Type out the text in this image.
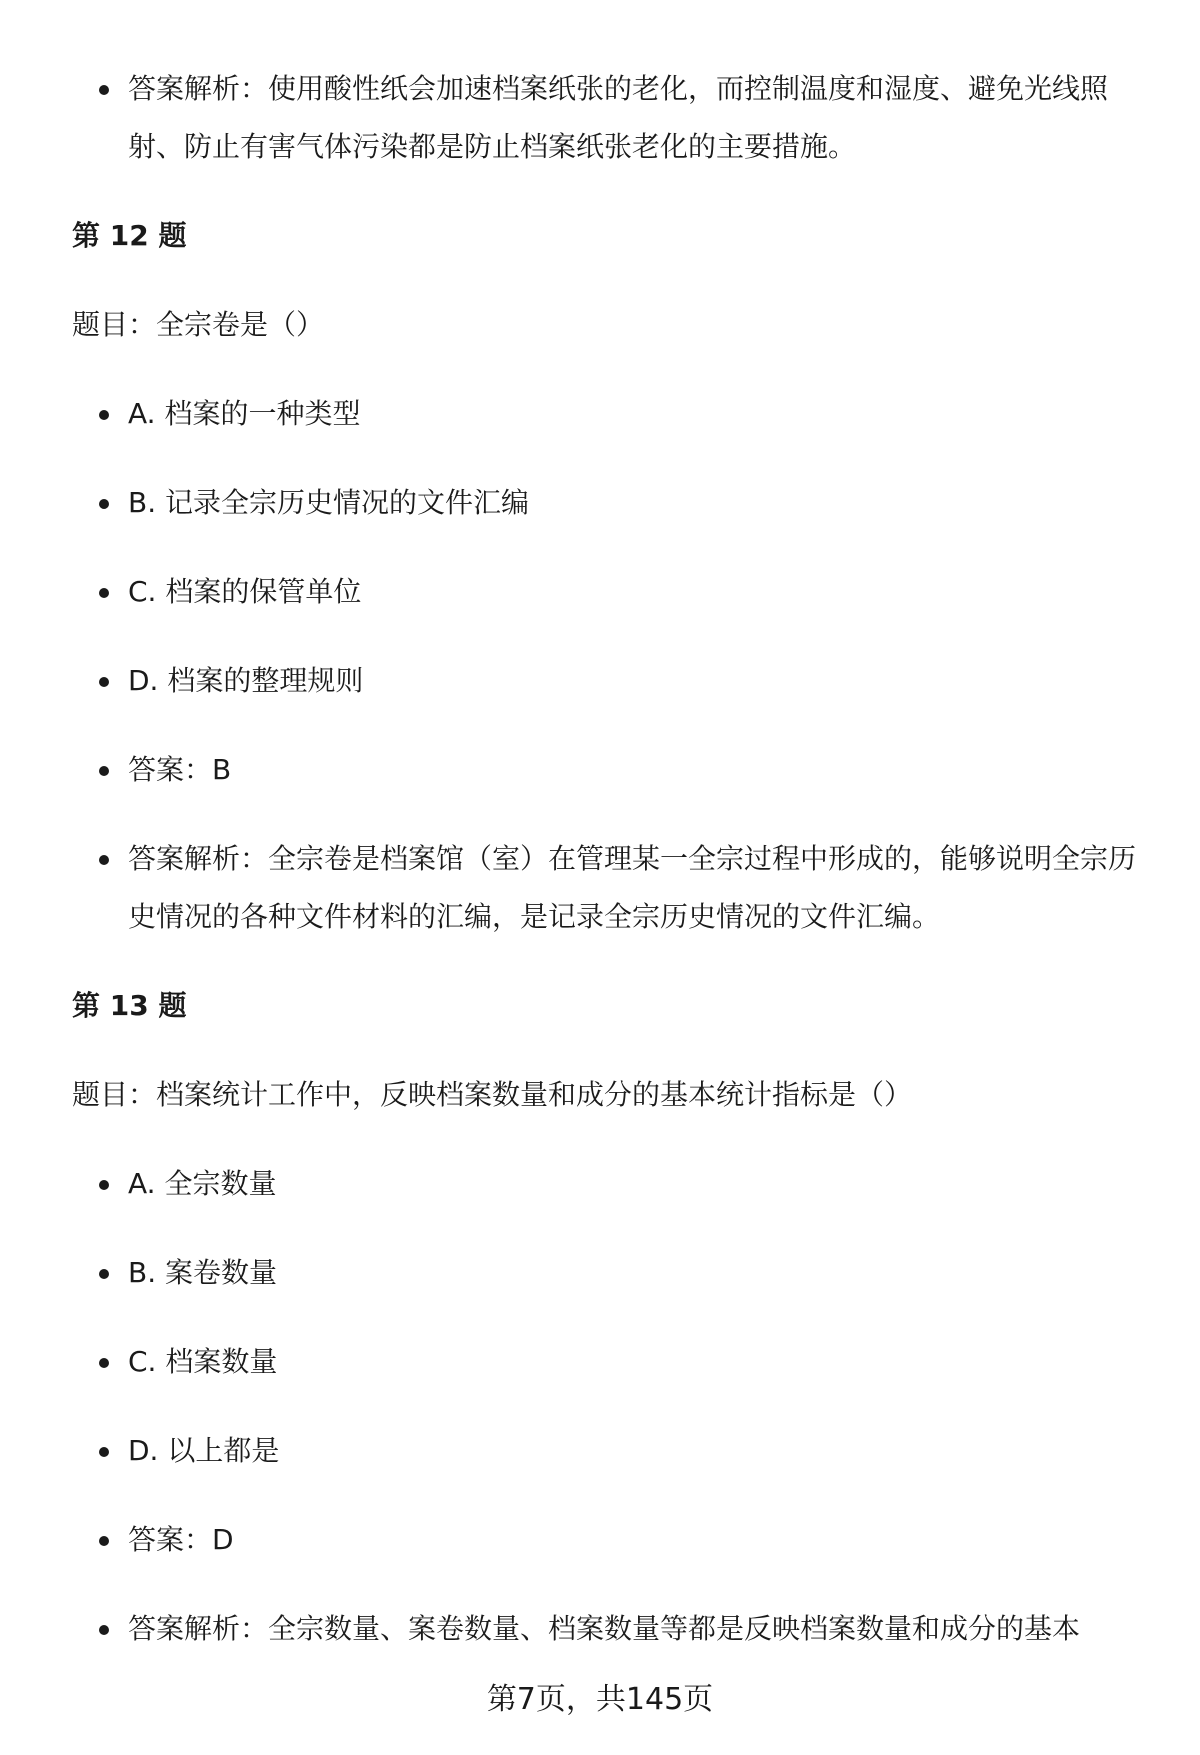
答案解析：使用酸性纸会加速档案纸张的老化，而控制温度和湿度、避免光线照射、防止有害气体污染都是防止档案纸张老化的主要措施。
第 12 题
题目：全宗卷是（）
A. 档案的一种类型
B. 记录全宗历史情况的文件汇编
C. 档案的保管单位
D. 档案的整理规则
答案：B
答案解析：全宗卷是档案馆（室）在管理某一全宗过程中形成的，能够说明全宗历史情况的各种文件材料的汇编，是记录全宗历史情况的文件汇编。
第 13 题
题目：档案统计工作中，反映档案数量和成分的基本统计指标是（）
A. 全宗数量
B. 案卷数量
C. 档案数量
D. 以上都是
答案：D
答案解析：全宗数量、案卷数量、档案数量等都是反映档案数量和成分的基本
第7页，共145页
